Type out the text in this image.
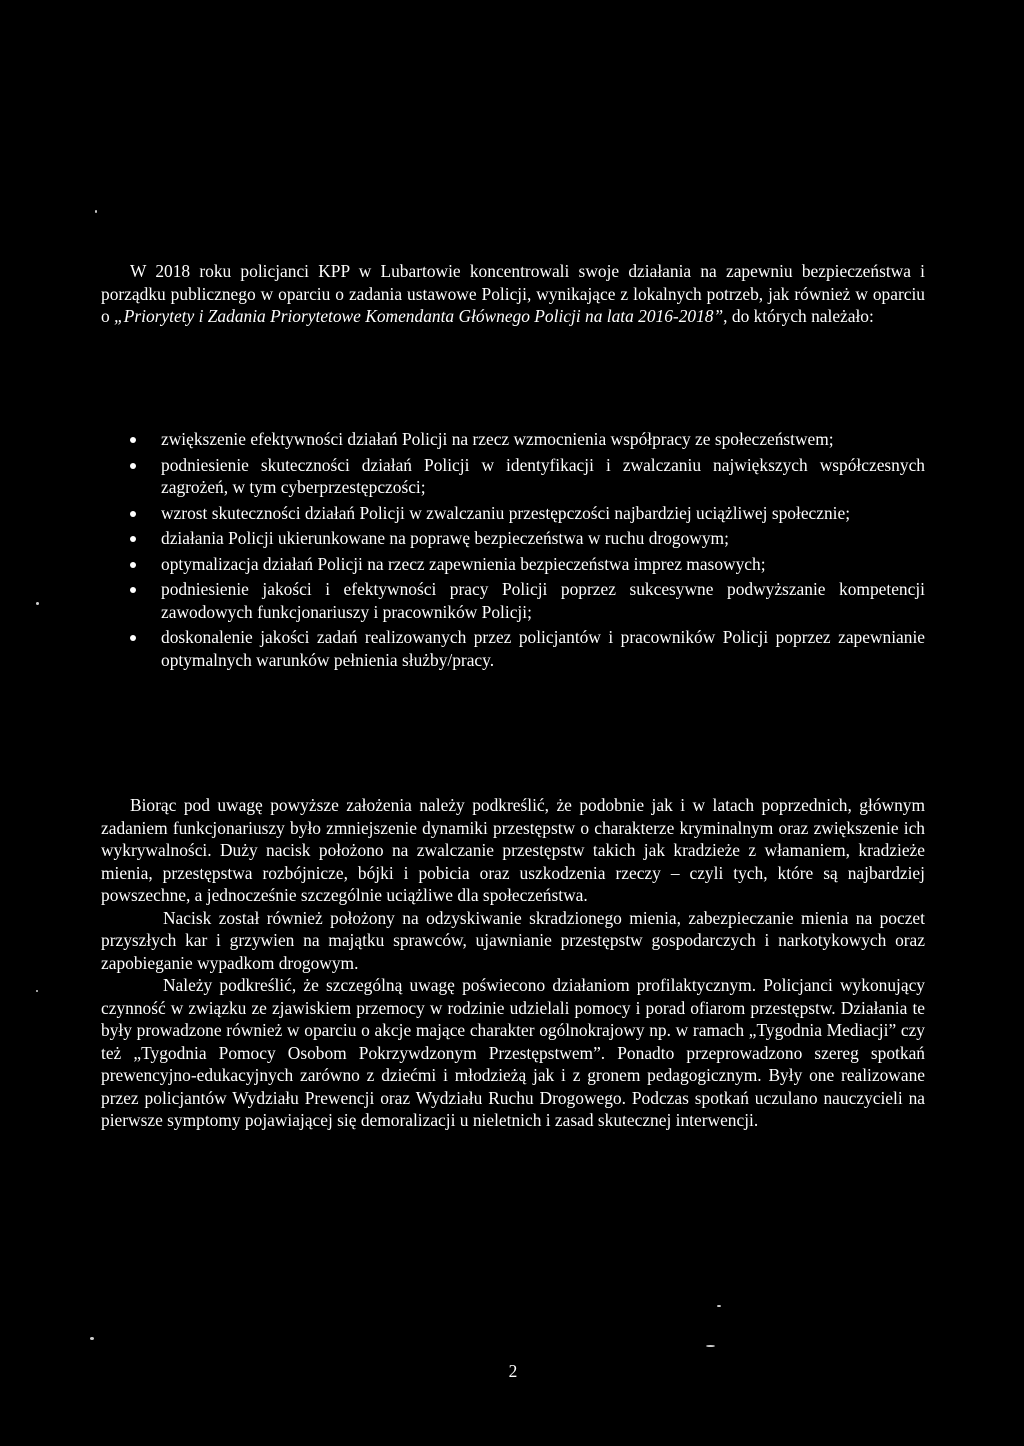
W 2018 roku policjanci KPP w Lubartowie koncentrowali swoje działania na zapewniu bezpieczeństwa i porządku publicznego w oparciu o zadania ustawowe Policji, wynikające z lokalnych potrzeb, jak również w oparciu o „Priorytety i Zadania Priorytetowe Komendanta Głównego Policji na lata 2016-2018”, do których należało:

zwiększenie efektywności działań Policji na rzecz wzmocnienia współpracy ze społeczeństwem;
podniesienie skuteczności działań Policji w identyfikacji i zwalczaniu największych współczesnych zagrożeń, w tym cyberprzestępczości;
wzrost skuteczności działań Policji w zwalczaniu przestępczości najbardziej uciążliwej społecznie;
działania Policji ukierunkowane na poprawę bezpieczeństwa w ruchu drogowym;
optymalizacja działań Policji na rzecz zapewnienia bezpieczeństwa imprez masowych;
podniesienie jakości i efektywności pracy Policji poprzez sukcesywne podwyższanie kompetencji zawodowych funkcjonariuszy i pracowników Policji;
doskonalenie jakości zadań realizowanych przez policjantów i pracowników Policji poprzez zapewnianie optymalnych warunków pełnienia służby/pracy.

Biorąc pod uwagę powyższe założenia należy podkreślić, że podobnie jak i w latach poprzednich, głównym zadaniem funkcjonariuszy było zmniejszenie dynamiki przestępstw o charakterze kryminalnym oraz zwiększenie ich wykrywalności. Duży nacisk położono na zwalczanie przestępstw takich jak kradzieże z włamaniem, kradzieże mienia, przestępstwa rozbójnicze, bójki i pobicia oraz uszkodzenia rzeczy – czyli tych, które są najbardziej powszechne, a jednocześnie szczególnie uciążliwe dla społeczeństwa.

Nacisk został również położony na odzyskiwanie skradzionego mienia, zabezpieczanie mienia na poczet przyszłych kar i grzywien na majątku sprawców, ujawnianie przestępstw gospodarczych i narkotykowych oraz zapobieganie wypadkom drogowym.

Należy podkreślić, że szczególną uwagę poświecono działaniom profilaktycznym. Policjanci wykonujący czynność w związku ze zjawiskiem przemocy w rodzinie udzielali pomocy i porad ofiarom przestępstw. Działania te były prowadzone również w oparciu o akcje mające charakter ogólnokrajowy np. w ramach „Tygodnia Mediacji” czy też „Tygodnia Pomocy Osobom Pokrzywdzonym Przestępstwem”. Ponadto przeprowadzono szereg spotkań prewencyjno-edukacyjnych zarówno z dziećmi i młodzieżą jak i z gronem pedagogicznym. Były one realizowane przez policjantów Wydziału Prewencji oraz Wydziału Ruchu Drogowego. Podczas spotkań uczulano nauczycieli na pierwsze symptomy pojawiającej się demoralizacji u nieletnich i zasad skutecznej interwencji.

2
